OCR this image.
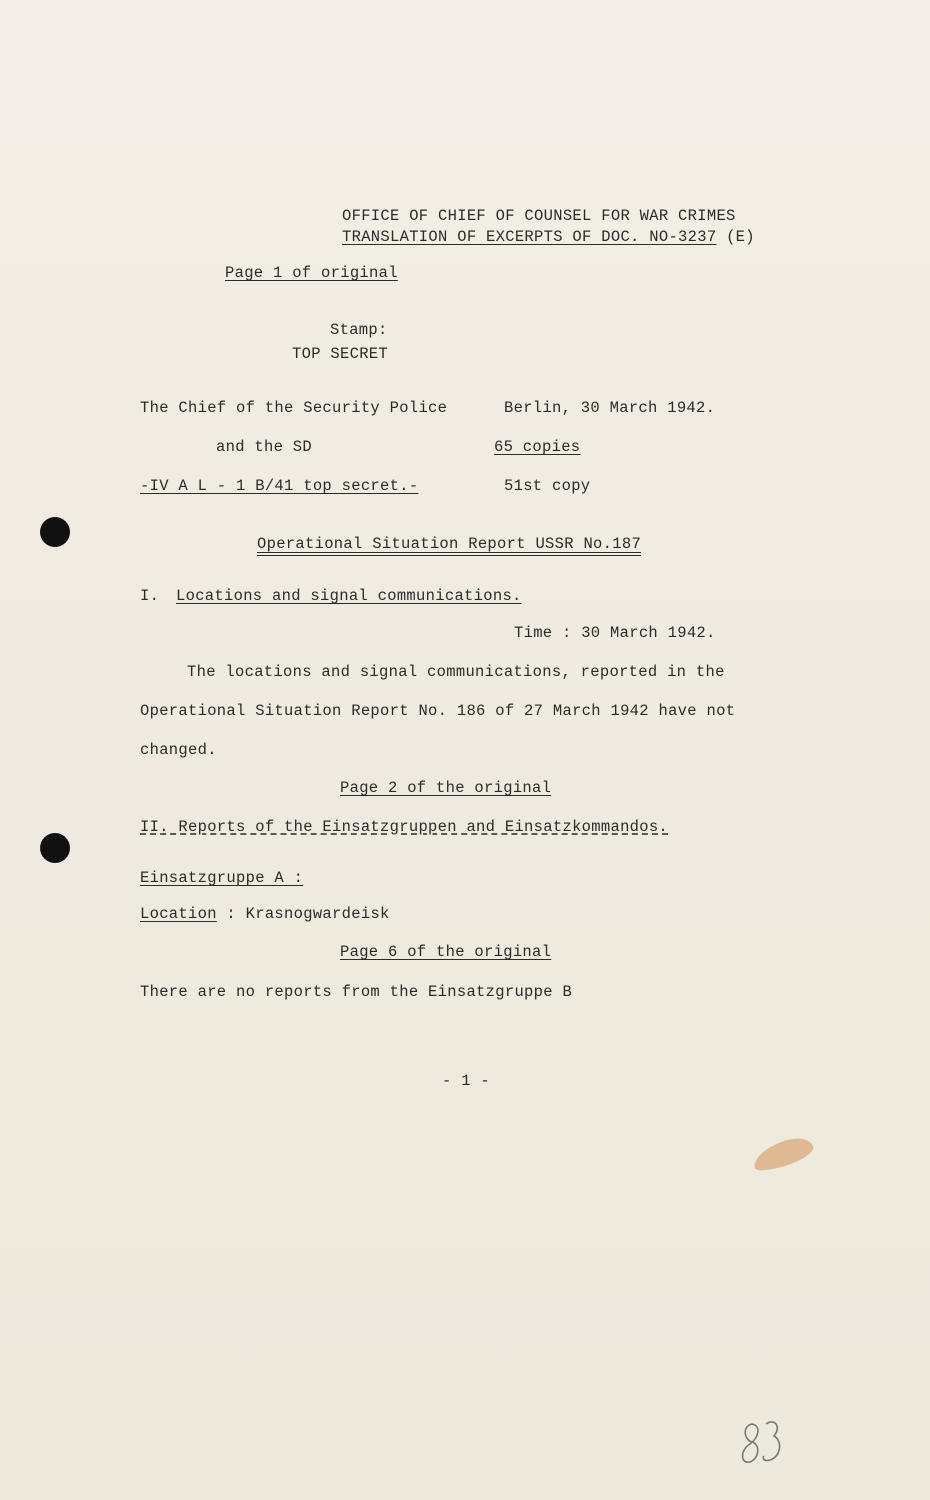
OFFICE OF CHIEF OF COUNSEL FOR WAR CRIMES

TRANSLATION OF EXCERPTS OF DOC. NO-3237 (E)

Page 1 of original

Stamp:

TOP SECRET

The Chief of the Security Police

and the SD

-IV A L - 1 B/41 top secret.-

Berlin, 30 March 1942.

65 copies

51st copy

Operational Situation Report USSR No.187

I. Locations and signal communications.

Time : 30 March 1942.

The locations and signal communications, reported in the

Operational Situation Report No. 186 of 27 March 1942 have not

changed.

Page 2 of the original

II. Reports of the Einsatzgruppen and Einsatzkommandos.

Einsatzgruppe A :

Location : Krasnogwardeisk

Page 6 of the original

There are no reports from the Einsatzgruppe B

- 1 -
